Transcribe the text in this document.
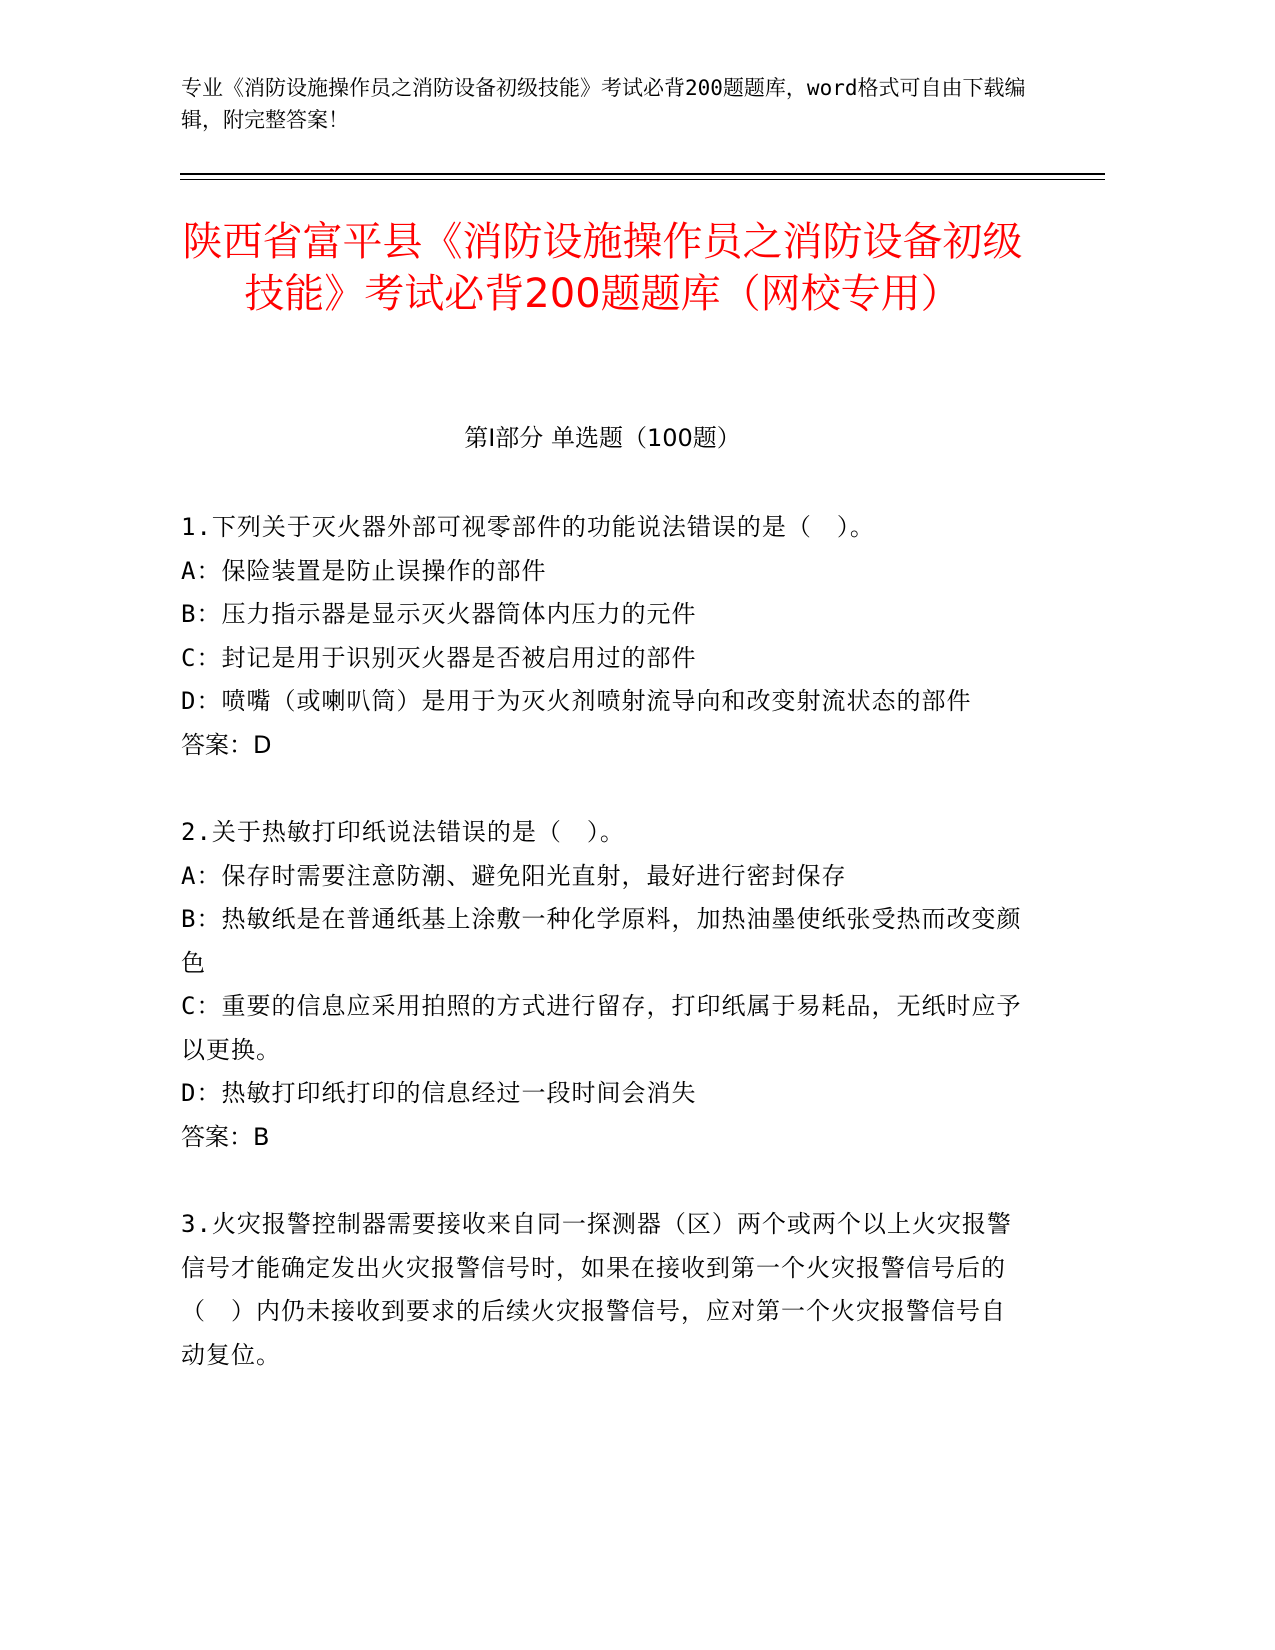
专业《消防设施操作员之消防设备初级技能》考试必背200题题库，word格式可自由下载编辑，附完整答案！
陕西省富平县《消防设施操作员之消防设备初级技能》考试必背200题题库（网校专用）
第Ⅰ部分 单选题（100题）
1.下列关于灭火器外部可视零部件的功能说法错误的是（　）。
A：保险装置是防止误操作的部件
B：压力指示器是显示灭火器筒体内压力的元件
C：封记是用于识别灭火器是否被启用过的部件
D：喷嘴（或喇叭筒）是用于为灭火剂喷射流导向和改变射流状态的部件
答案：D
2.关于热敏打印纸说法错误的是（　）。
A：保存时需要注意防潮、避免阳光直射，最好进行密封保存
B：热敏纸是在普通纸基上涂敷一种化学原料，加热油墨使纸张受热而改变颜色
C：重要的信息应采用拍照的方式进行留存，打印纸属于易耗品，无纸时应予以更换。
D：热敏打印纸打印的信息经过一段时间会消失
答案：B
3.火灾报警控制器需要接收来自同一探测器（区）两个或两个以上火灾报警信号才能确定发出火灾报警信号时，如果在接收到第一个火灾报警信号后的（　）内仍未接收到要求的后续火灾报警信号，应对第一个火灾报警信号自动复位。
